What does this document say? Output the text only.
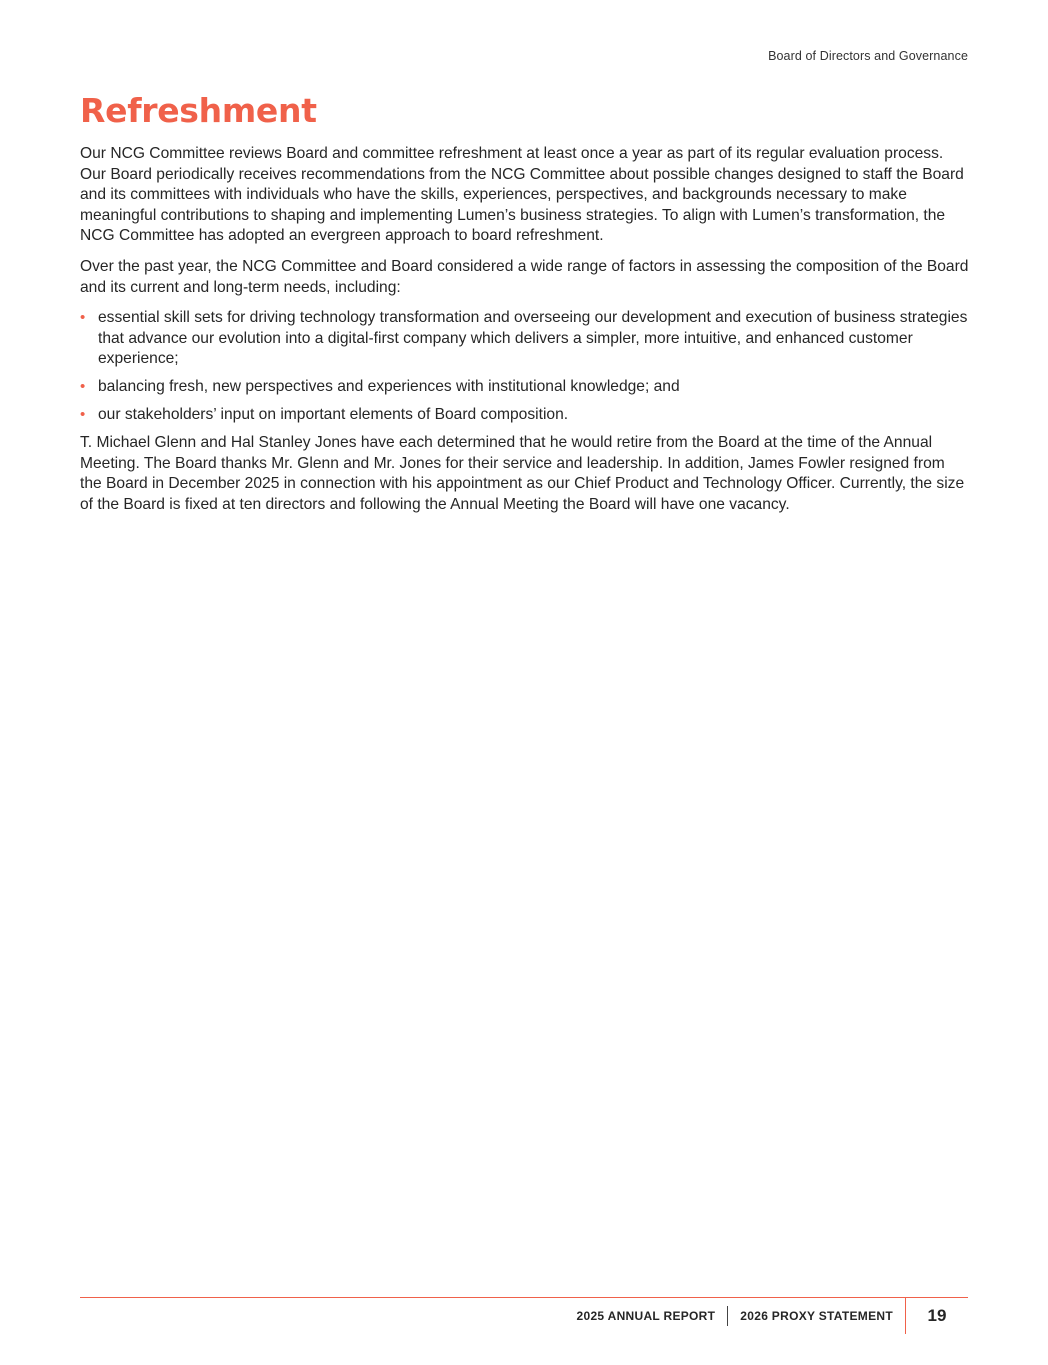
Board of Directors and Governance
Refreshment

Our NCG Committee reviews Board and committee refreshment at least once a year as part of its regular evaluation process. Our Board periodically receives recommendations from the NCG Committee about possible changes designed to staff the Board and its committees with individuals who have the skills, experiences, perspectives, and backgrounds necessary to make meaningful contributions to shaping and implementing Lumen’s business strategies. To align with Lumen’s transformation, the NCG Committee has adopted an evergreen approach to board refreshment.

Over the past year, the NCG Committee and Board considered a wide range of factors in assessing the composition of the Board and its current and long-term needs, including:

• essential skill sets for driving technology transformation and overseeing our development and execution of business strategies that advance our evolution into a digital-first company which delivers a simpler, more intuitive, and enhanced customer experience;
• balancing fresh, new perspectives and experiences with institutional knowledge; and
• our stakeholders’ input on important elements of Board composition.

T. Michael Glenn and Hal Stanley Jones have each determined that he would retire from the Board at the time of the Annual Meeting. The Board thanks Mr. Glenn and Mr. Jones for their service and leadership. In addition, James Fowler resigned from the Board in December 2025 in connection with his appointment as our Chief Product and Technology Officer. Currently, the size of the Board is fixed at ten directors and following the Annual Meeting the Board will have one vacancy.

2025 ANNUAL REPORT 2026 PROXY STATEMENT	19
